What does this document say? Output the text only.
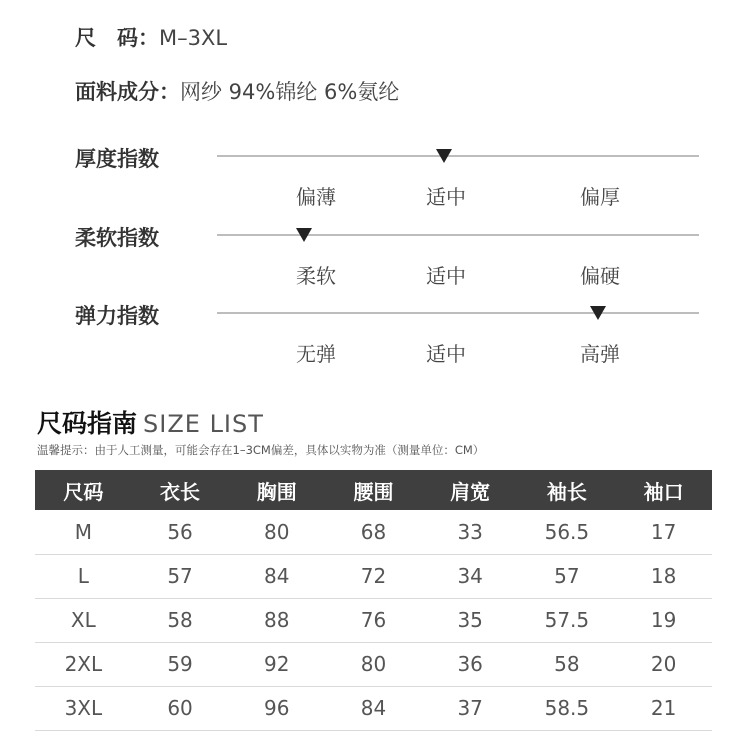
尺　码：M–3XL
面料成分：网纱 94%锦纶 6%氨纶
厚度指数
偏薄	适中	偏厚
柔软指数
柔软	适中	偏硬
弹力指数
无弹	适中	高弹
尺码指南 SIZE LIST
温馨提示：由于人工测量，可能会存在1–3CM偏差，具体以实物为准（测量单位：CM）
尺码	衣长	胸围	腰围	肩宽	袖长	袖口
M	56	80	68	33	56.5	17
L	57	84	72	34	57	18
XL	58	88	76	35	57.5	19
2XL	59	92	80	36	58	20
3XL	60	96	84	37	58.5	21
